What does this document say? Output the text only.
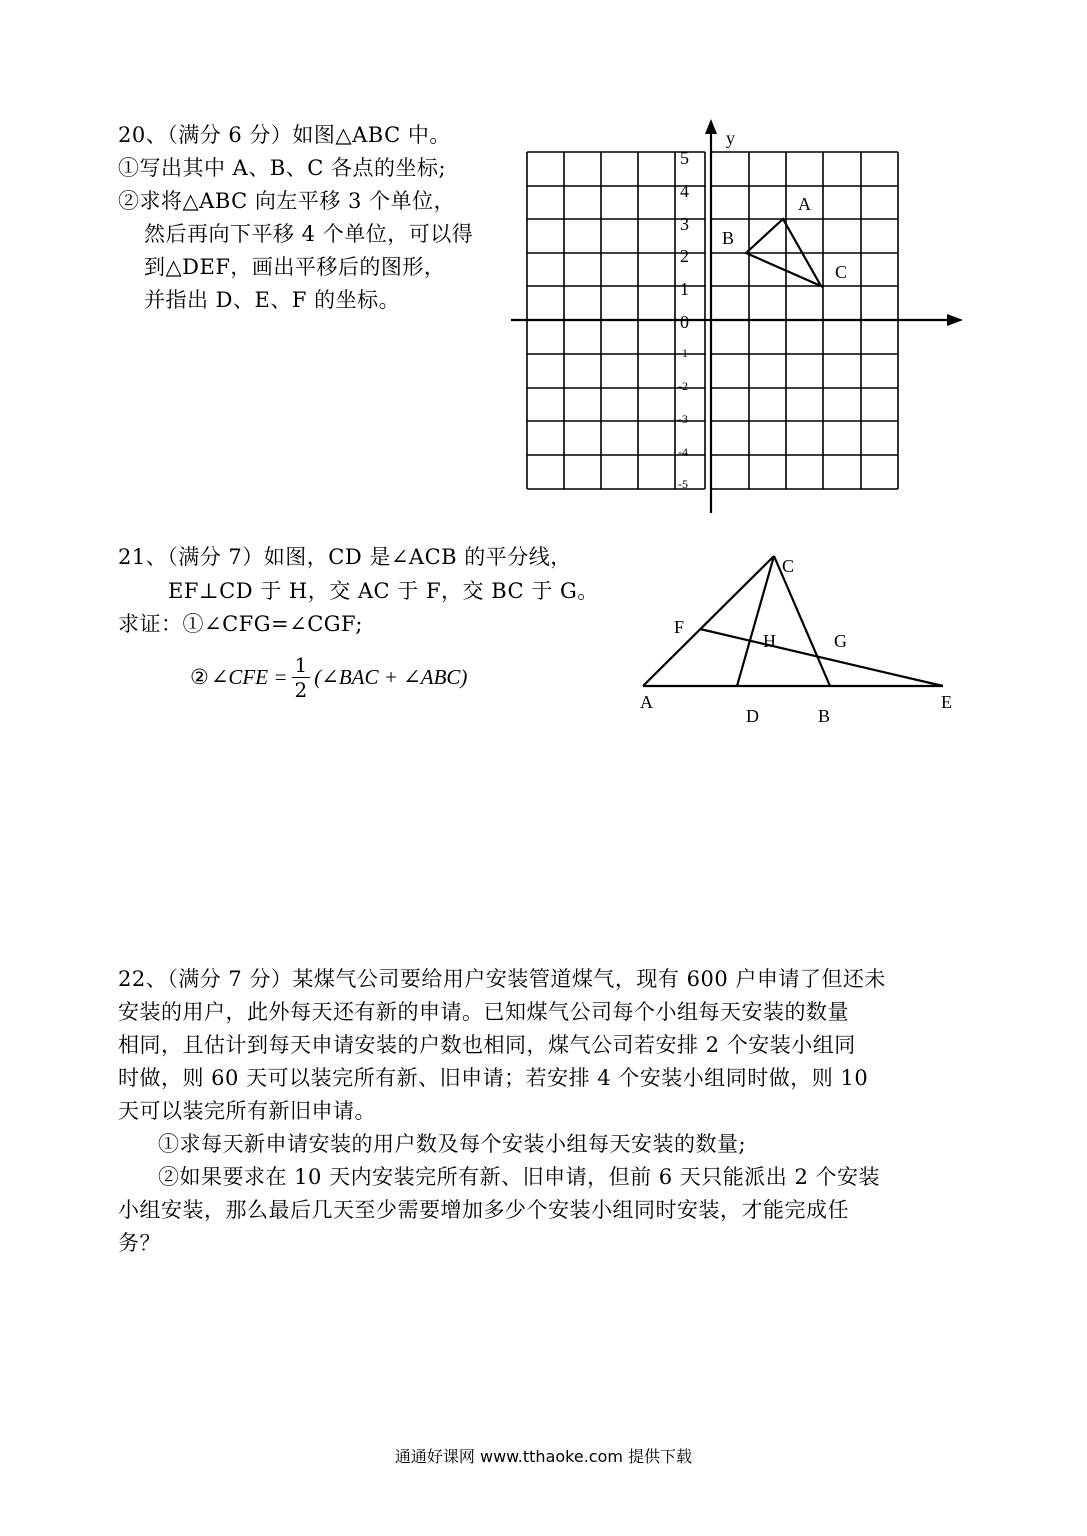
20、（满分 6 分）如图△ABC 中。
①写出其中 A、B、C 各点的坐标;
②求将△ABC 向左平移 3 个单位，
然后再向下平移 4 个单位，可以得
到△DEF，画出平移后的图形，
并指出 D、E、F 的坐标。
y
5
4
3
2
1
0
-1
-2
-3
-4
-5
A
B
C
21、（满分 7）如图，CD 是∠ACB 的平分线，
EF⊥CD 于 H，交 AC 于 F，交 BC 于 G。
求证：①∠CFG=∠CGF;
② ∠CFE = $\frac{1}{2}$ (∠BAC + ∠ABC)
C
F
H	G
A
D	B
E
22、（满分 7 分）某煤气公司要给用户安装管道煤气，现有 600 户申请了但还未
安装的用户，此外每天还有新的申请。已知煤气公司每个小组每天安装的数量
相同，且估计到每天申请安装的户数也相同，煤气公司若安排 2 个安装小组同
时做，则 60 天可以装完所有新、旧申请；若安排 4 个安装小组同时做，则 10
天可以装完所有新旧申请。
①求每天新申请安装的用户数及每个安装小组每天安装的数量;
②如果要求在 10 天内安装完所有新、旧申请，但前 6 天只能派出 2 个安装
小组安装，那么最后几天至少需要增加多少个安装小组同时安装，才能完成任
务？
通通好课网 www.tthaoke.com 提供下载
